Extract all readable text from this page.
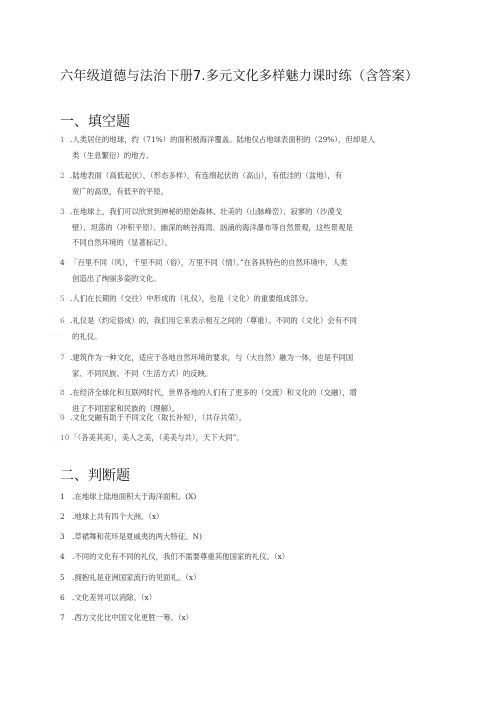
六年级道德与法治下册7.多元文化多样魅力课时练（含答案）
一、填空题
1 .人类居住的地球，约（71%）的面积被海洋覆盖。陆地仅占地球表面积的（29%），但却是人
类（生息繁衍）的地方。
2 .陆地表面（高低起伏）、（形态多样），有连绵起伏的（高山），有低洼的（盆地），有
宽广的高原，有低平的平原。
3 .在地球上，我们可以欣赏到神秘的原始森林、壮美的（山脉峰峦）、寂寥的（沙漠戈
壁）、坦荡的（冲积平原）、幽深的峡谷海湾、汹涌的海洋瀑布等自然景观，这些景观是
不同自然环境的（显著标记）。
4 「百里不同（风），千里不同（俗），万里不同（情）。”在各具特色的自然环境中，人类
创造出了绚丽多姿的文化。
5 .人们在长期的（交往）中形成的（礼仪），也是（文化）的重要组成部分。
6 .礼仪是（约定俗成）的，我们用它来表示相互之间的（尊重）。不同的（文化）会有不同
的礼仪。
7 .建筑作为一种文化，适应于各地自然环境的要求，与（大自然）融为一体，也是不同国
家、不同民族、不同（生活方式）的反映。
8 .在经济全球化和互联网时代，世界各地的人们有了更多的（交流）和文化的（交融），增
进了不同国家和民族的（理解）。
9 .文化交融有助于不同文化（取长补短），（共存共荣）。
10「（各美其美），美人之美，（美美与共），天下大同”。
二、判断题
1 .在地球上陆地面积大于海洋面积。(X)
2 .地球上共有四个大洲。（x）
3 .草裙舞和花环是夏威夷的两大特征。N)
4 .不同的文化有不同的礼仪，我们不需要尊重其他国家的礼仪。（x）
5 .拥抱礼是亚洲国家流行的见面礼。（x）
6 .文化差异可以消除。（x）
7 .西方文化比中国文化更胜一筹。（x）
